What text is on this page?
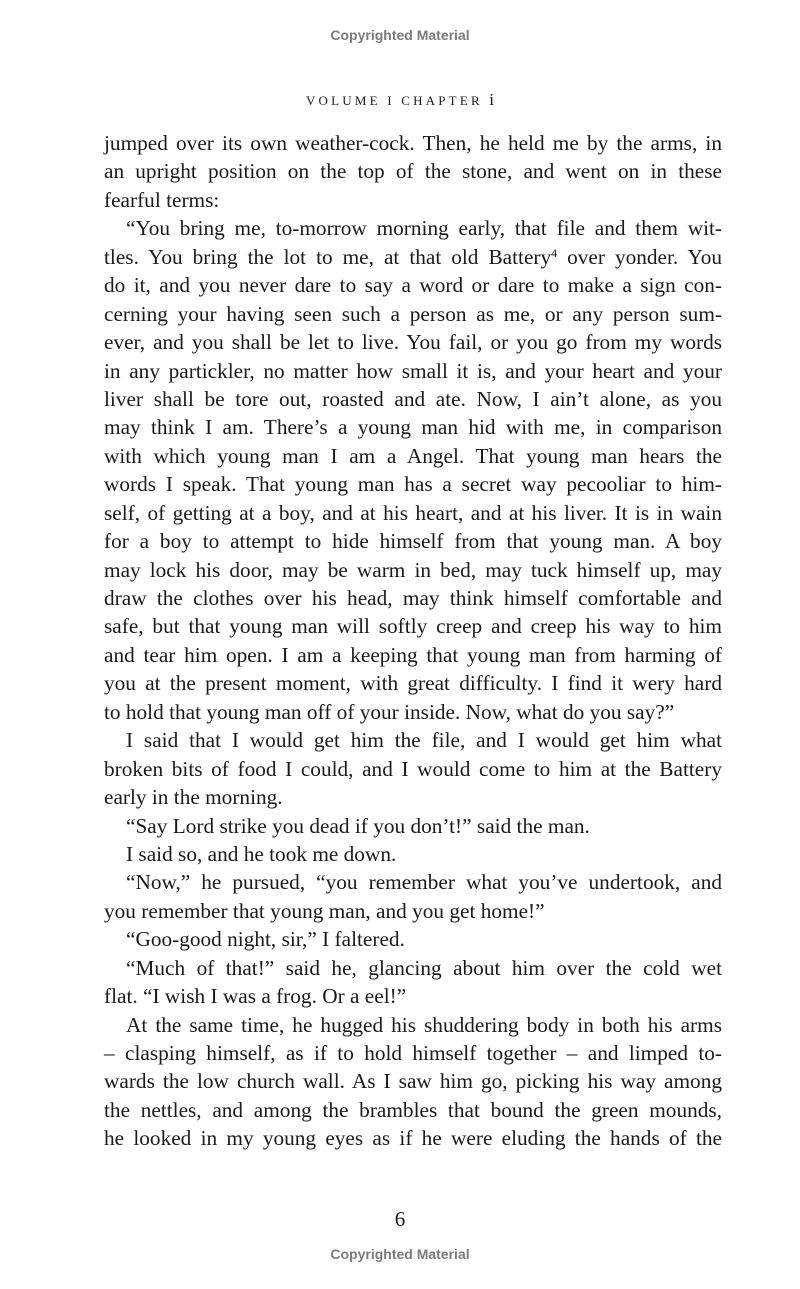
Copyrighted Material
VOLUME I CHAPTER i
jumped over its own weather-cock. Then, he held me by the arms, in
an upright position on the top of the stone, and went on in these
fearful terms:
“You bring me, to-morrow morning early, that file and them wit-
tles. You bring the lot to me, at that old Battery$^4$ over yonder. You
do it, and you never dare to say a word or dare to make a sign con-
cerning your having seen such a person as me, or any person sum-
ever, and you shall be let to live. You fail, or you go from my words
in any partickler, no matter how small it is, and your heart and your
liver shall be tore out, roasted and ate. Now, I ain’t alone, as you
may think I am. There’s a young man hid with me, in comparison
with which young man I am a Angel. That young man hears the
words I speak. That young man has a secret way pecooliar to him-
self, of getting at a boy, and at his heart, and at his liver. It is in wain
for a boy to attempt to hide himself from that young man. A boy
may lock his door, may be warm in bed, may tuck himself up, may
draw the clothes over his head, may think himself comfortable and
safe, but that young man will softly creep and creep his way to him
and tear him open. I am a keeping that young man from harming of
you at the present moment, with great difficulty. I find it wery hard
to hold that young man off of your inside. Now, what do you say?”
I said that I would get him the file, and I would get him what
broken bits of food I could, and I would come to him at the Battery
early in the morning.
“Say Lord strike you dead if you don’t!” said the man.
I said so, and he took me down.
“Now,” he pursued, “you remember what you’ve undertook, and
you remember that young man, and you get home!”
“Goo-good night, sir,” I faltered.
“Much of that!” said he, glancing about him over the cold wet
flat. “I wish I was a frog. Or a eel!”
At the same time, he hugged his shuddering body in both his arms
– clasping himself, as if to hold himself together – and limped to-
wards the low church wall. As I saw him go, picking his way among
the nettles, and among the brambles that bound the green mounds,
he looked in my young eyes as if he were eluding the hands of the
6
Copyrighted Material
